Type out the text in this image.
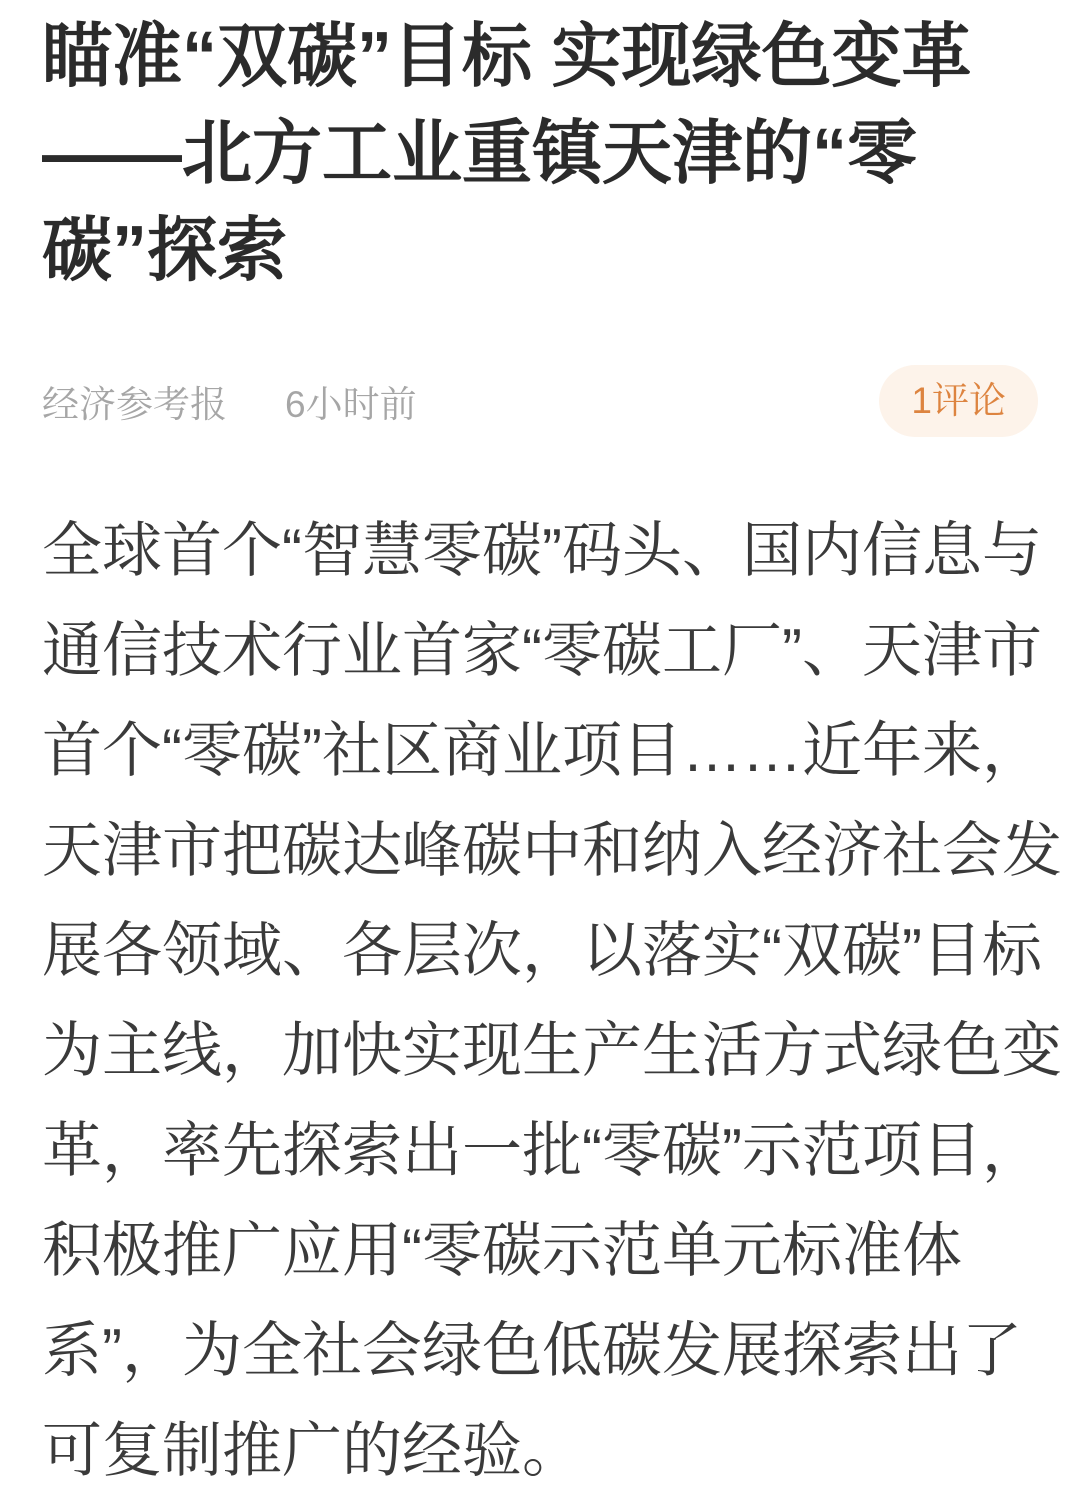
瞄准“双碳”目标 实现绿色变革
——北方工业重镇天津的“零
碳”探索
经济参考报 6小时前	1评论
全球首个“智慧零碳”码头、国内信息与
通信技术行业首家“零碳工厂”、天津市
首个“零碳”社区商业项目……近年来，
天津市把碳达峰碳中和纳入经济社会发
展各领域、各层次，以落实“双碳”目标
为主线，加快实现生产生活方式绿色变
革，率先探索出一批“零碳”示范项目，
积极推广应用“零碳示范单元标准体
系”，为全社会绿色低碳发展探索出了
可复制推广的经验。
